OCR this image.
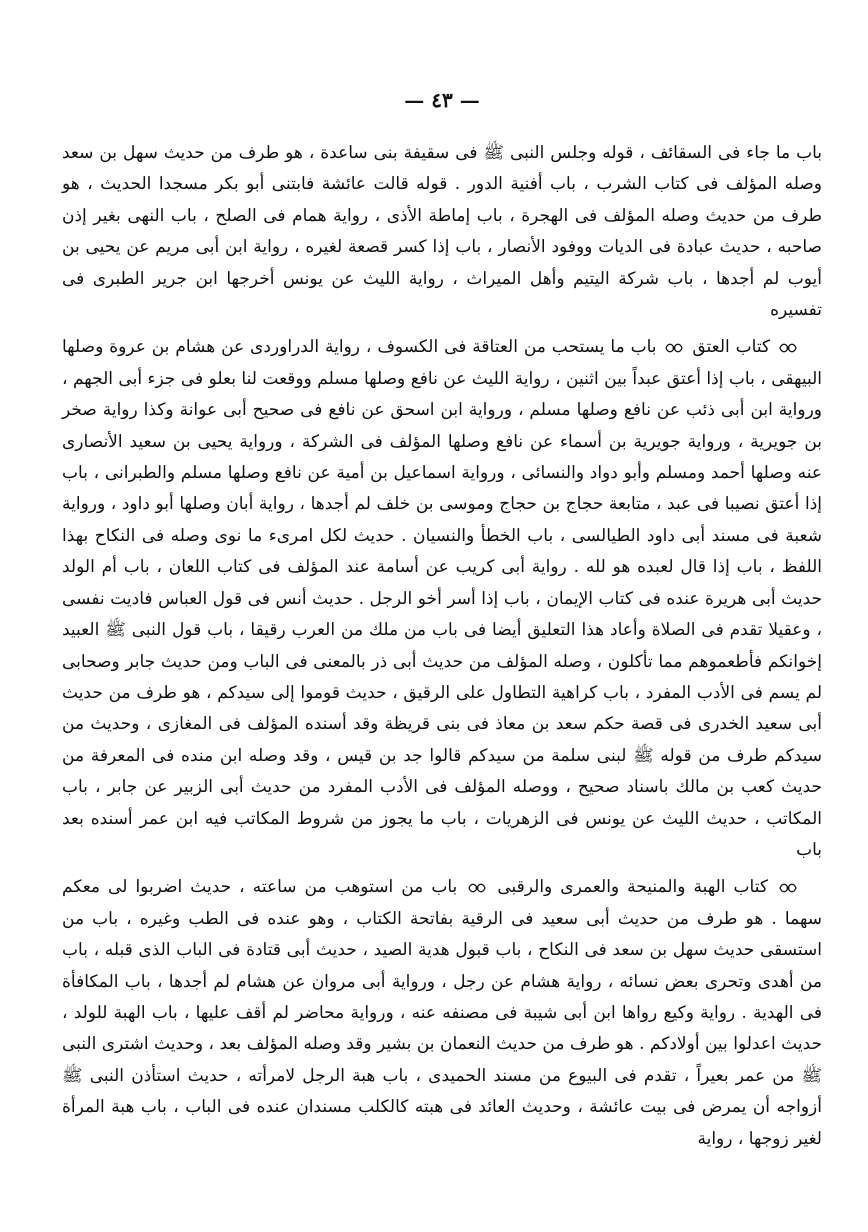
— ٤٣ —

باب ما جاء فى السقائف ، قوله وجلس النبى ﷺ فى سقيفة بنى ساعدة ، هو طرف من حديث سهل بن سعد وصله المؤلف فى كتاب الشرب ، باب أفنية الدور . قوله قالت عائشة فابتنى أبو بكر مسجدا الحديث ، هو طرف من حديث وصله المؤلف فى الهجرة ، باب إماطة الأذى ، رواية همام فى الصلح ، باب النهى بغير إذن صاحبه ، حديث عبادة فى الديات ووفود الأنصار ، باب إذا كسر قصعة لغيره ، رواية ابن أبى مريم عن يحيى بن أيوب لم أجدها ، باب شركة اليتيم وأهل الميراث ، رواية الليث عن يونس أخرجها ابن جرير الطبرى فى تفسيره

كتاب العتق
باب ما يستحب من العتاقة فى الكسوف ، رواية الدراوردى عن هشام بن عروة وصلها البيهقى ، باب إذا أعتق عبداً بين اثنين ، رواية الليث عن نافع وصلها مسلم ووقعت لنا بعلو فى جزء أبى الجهم ، ورواية ابن أبى ذئب عن نافع وصلها مسلم ، ورواية ابن اسحق عن نافع فى صحيح أبى عوانة وكذا رواية صخر بن جويرية ، ورواية جويرية بن أسماء عن نافع وصلها المؤلف فى الشركة ، ورواية يحيى بن سعيد الأنصارى عنه وصلها أحمد ومسلم وأبو دواد والنسائى ، ورواية اسماعيل بن أمية عن نافع وصلها مسلم والطبرانى ، باب إذا أعتق نصيبا فى عبد ، متابعة حجاج بن حجاج وموسى بن خلف لم أجدها ، رواية أبان وصلها أبو داود ، ورواية شعبة فى مسند أبى داود الطيالسى ، باب الخطأ والنسيان . حديث لكل امرىء ما نوى وصله فى النكاح بهذا اللفظ ، باب إذا قال لعبده هو لله . رواية أبى كريب عن أسامة عند المؤلف فى كتاب اللعان ، باب أم الولد حديث أبى هريرة عنده فى كتاب الإيمان ، باب إذا أسر أخو الرجل . حديث أنس فى قول العباس فاديت نفسى ، وعقيلا تقدم فى الصلاة وأعاد هذا التعليق أيضا فى باب من ملك من العرب رقيقا ، باب قول النبى ﷺ العبيد إخوانكم فأطعموهم مما تأكلون ، وصله المؤلف من حديث أبى ذر بالمعنى فى الباب ومن حديث جابر وصحابى لم يسم فى الأدب المفرد ، باب كراهية التطاول على الرقيق ، حديث قوموا إلى سيدكم ، هو طرف من حديث أبى سعيد الخدرى فى قصة حكم سعد بن معاذ فى بنى قريظة وقد أسنده المؤلف فى المغازى ، وحديث من سيدكم طرف من قوله ﷺ لبنى سلمة من سيدكم قالوا جد بن قيس ، وقد وصله ابن منده فى المعرفة من حديث كعب بن مالك باسناد صحيح ، ووصله المؤلف فى الأدب المفرد من حديث أبى الزبير عن جابر ، باب المكاتب ، حديث الليث عن يونس فى الزهريات ، باب ما يجوز من شروط المكاتب فيه ابن عمر أسنده بعد باب

كتاب الهبة والمنيحة والعمرى والرقبى
باب من استوهب من ساعته ، حديث اضربوا لى معكم سهما . هو طرف من حديث أبى سعيد فى الرقية بفاتحة الكتاب ، وهو عنده فى الطب وغيره ، باب من استسقى حديث سهل بن سعد فى النكاح ، باب قبول هدية الصيد ، حديث أبى قتادة فى الباب الذى قبله ، باب من أهدى وتحرى بعض نسائه ، رواية هشام عن رجل ، ورواية أبى مروان عن هشام لم أجدها ، باب المكافأة فى الهدية . رواية وكيع رواها ابن أبى شيبة فى مصنفه عنه ، ورواية محاضر لم أقف عليها ، باب الهبة للولد ، حديث اعدلوا بين أولادكم . هو طرف من حديث النعمان بن بشير وقد وصله المؤلف بعد ، وحديث اشترى النبى ﷺ من عمر بعيراً ، تقدم فى البيوع من مسند الحميدى ، باب هبة الرجل لامرأته ، حديث استأذن النبى ﷺ أزواجه أن يمرض فى بيت عائشة ، وحديث العائد فى هبته كالكلب مسندان عنده فى الباب ، باب هبة المرأة لغير زوجها ، رواية
